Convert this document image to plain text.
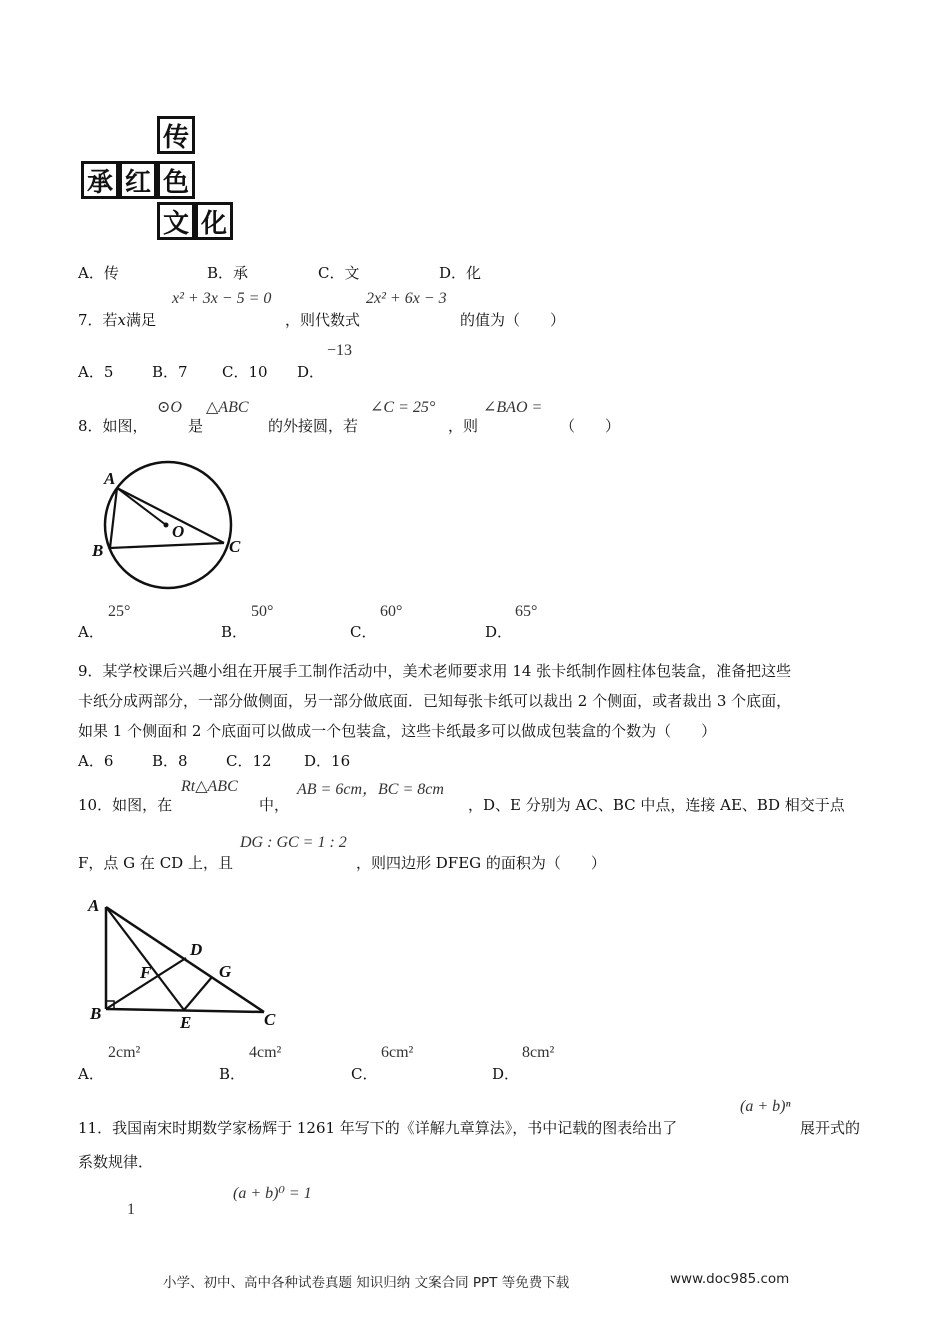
传
承 红 色
文 化
A．传	B．承	C．文	D．化
7．若x满足
x² + 3x − 5 = 0
，则代数式
2x² + 6x − 3
的值为（　　）
A．5	B．7 C．10 D．
−13
8．如图，
⊙O
是
△ABC
的外接圆，若
∠C = 25°
，则
∠BAO =
（　　）
A
B	C
O
A．
25°
B．
50°
C．
60°
D．
65°
9．某学校课后兴趣小组在开展手工制作活动中，美术老师要求用 14 张卡纸制作圆柱体包装盒，准备把这些
卡纸分成两部分，一部分做侧面，另一部分做底面．已知每张卡纸可以裁出 2 个侧面，或者裁出 3 个底面，
如果 1 个侧面和 2 个底面可以做成一个包装盒，这些卡纸最多可以做成包装盒的个数为（　　）
A．6	B．8	C．12 D．16
10．如图，在
Rt△ABC
中，
AB = 6cm，BC = 8cm
，D、E 分别为 AC、BC 中点，连接 AE、BD 相交于点
F，点 G 在 CD 上，且
DG : GC = 1 : 2
，则四边形 DFEG 的面积为（　　）
A
B	C
D
E
F	G
A．
2cm²
B．
4cm²
C．
6cm²
D．
8cm²
11．我国南宋时期数学家杨辉于 1261 年写下的《详解九章算法》，书中记载的图表给出了
(a + b)ⁿ
展开式的
系数规律．
(a + b)⁰ = 1
1
小学、初中、高中各种试卷真题 知识归纳 文案合同 PPT 等免费下载	www.doc985.com
